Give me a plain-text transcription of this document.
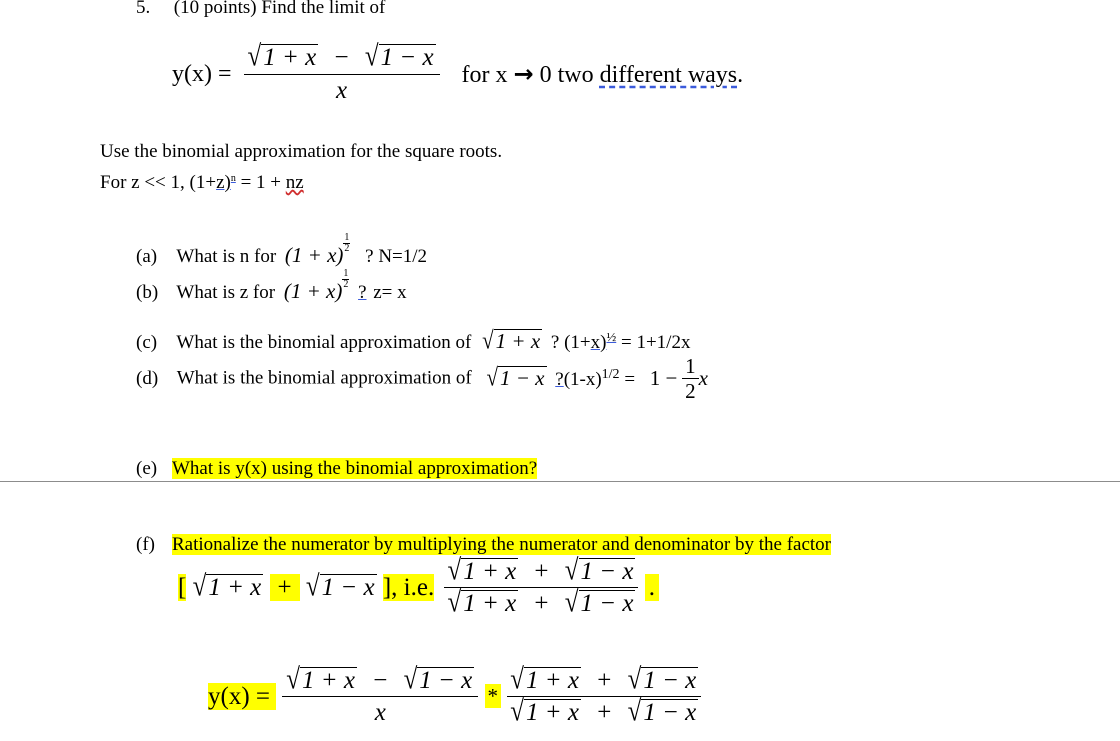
5. (10 points) Find the limit of
$y(x) = \frac{√1 + x - √1 - x}{x}$ for x → 0 two different ways.
Use the binomial approximation for the square roots.
For z << 1, (1+z)n = 1 + nz
(a) What is n for $(1 + x) \frac{1}{2}$
? N=1/2
(b) What is z for $(1 + x) \frac{1}{2}$
? z= x
(c) What is the binomial approximation of √1 + x ? (1+x)½ = 1+1/2x
(d) What is the binomial approximation of √1 − x ?(1-x)1/2 = $1 - \frac{1}{2}$ x
(e) What is y(x) using the binomial approximation?
(f) Rationalize the numerator by multiplying the numerator and denominator by the factor
[ √1 + x + √1 − x ], i.e. $\frac{√1 + x + √1 - x}{√1 + x + √1 - x}$ .
$y(x) = \frac{√1 + x - √1 - x}{x} * \frac{√1 + x + √1 - x}{√1 + x + √1 - x}$
